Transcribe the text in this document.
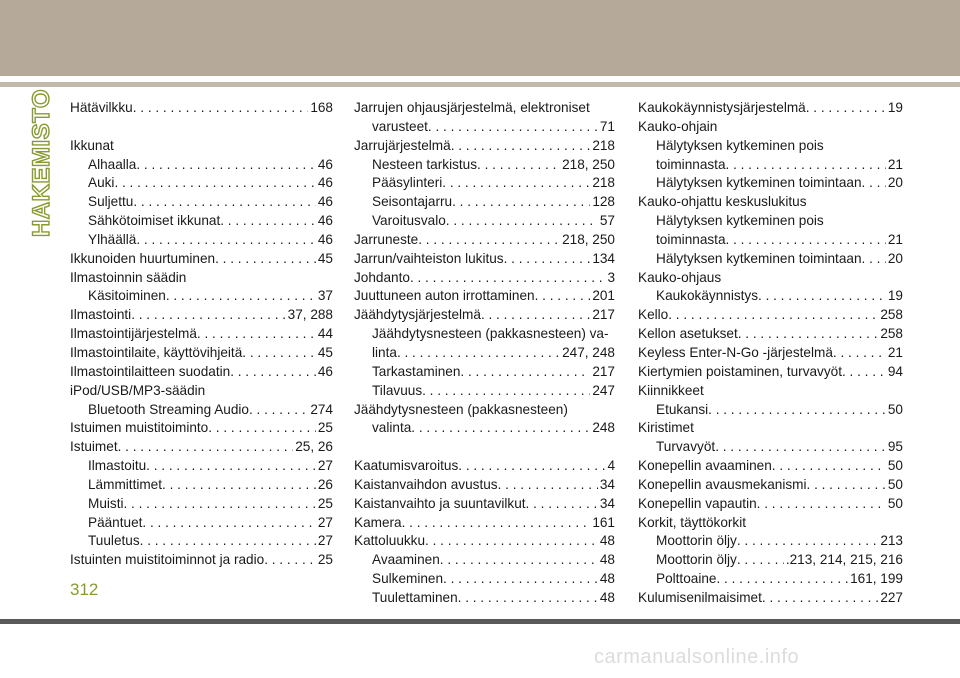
HAKEMISTO Hätävilkku . . .	168
Ikkunat
Alhaalla . . .	46
Auki . . .	46
Suljettu . . .	46
Sähkötoimiset ikkunat . . .	46
Ylhäällä . . .	46
Ikkunoiden huurtuminen . . .	45
Ilmastoinnin säädin
Käsitoiminen . . .	37
Ilmastointi . . .	37, 288
Ilmastointijärjestelmä . . .	44
Ilmastointilaite, käyttövihjeitä . . .	45
Ilmastointilaitteen suodatin . . .	46
iPod/USB/MP3-säädin
Bluetooth Streaming Audio . . .	274
Istuimen muistitoiminto . . .	25
Istuimet . . .	25, 26
Ilmastoitu . . .	27
Lämmittimet . . .	26
Muisti . . .	25
Pääntuet . . .	27
Tuuletus . . .	27
Istuinten muistitoiminnot ja radio . . .	25
Jarrujen ohjausjärjestelmä, elektroniset
varusteet . . .	71
Jarrujärjestelmä . . .	218
Nesteen tarkistus . . .	218, 250
Pääsylinteri . . .	218
Seisontajarru . . .	128
Varoitusvalo . . .	57
Jarruneste . . .	218, 250
Jarrun/vaihteiston lukitus . . .	134
Johdanto . . .	3
Juuttuneen auton irrottaminen . . .	201
Jäähdytysjärjestelmä . . .	217
Jäähdytysnesteen (pakkasnesteen) va-
linta . . .	247, 248
Tarkastaminen . . .	217
Tilavuus . . .	247
Jäähdytysnesteen (pakkasnesteen)
valinta . . .	248
Kaatumisvaroitus . . .	4
Kaistanvaihdon avustus . . .	34
Kaistanvaihto ja suuntavilkut . . .	34
Kamera . . .	161
Kattoluukku . . .	48
Avaaminen . . .	48
Sulkeminen . . .	48
Tuulettaminen . . .	48
Kaukokäynnistysjärjestelmä . . .	19
Kauko-ohjain
Hälytyksen kytkeminen pois
toiminnasta . . .	21
Hälytyksen kytkeminen toimintaan . . . 20
Kauko-ohjattu keskuslukitus
Hälytyksen kytkeminen pois
toiminnasta . . .	21
Hälytyksen kytkeminen toimintaan . . . 20
Kauko-ohjaus
Kaukokäynnistys . . .	19
Kello . . .	258
Kellon asetukset . . .	258
Keyless Enter-N-Go -järjestelmä . . .	21
Kiertymien poistaminen, turvavyöt . . .	94
Kiinnikkeet
Etukansi . . .	50
Kiristimet
Turvavyöt . . .	95
Konepellin avaaminen . . .	50
Konepellin avausmekanismi . . .	50
Konepellin vapautin . . .	50
Korkit, täyttökorkit
Moottorin öljy . . .	213
Moottorin öljy . . .	.213, 214, 215, 216
Polttoaine . . .	161, 199
Kulumisenilmaisimet . . .	227
312
carmanualsonline.info
